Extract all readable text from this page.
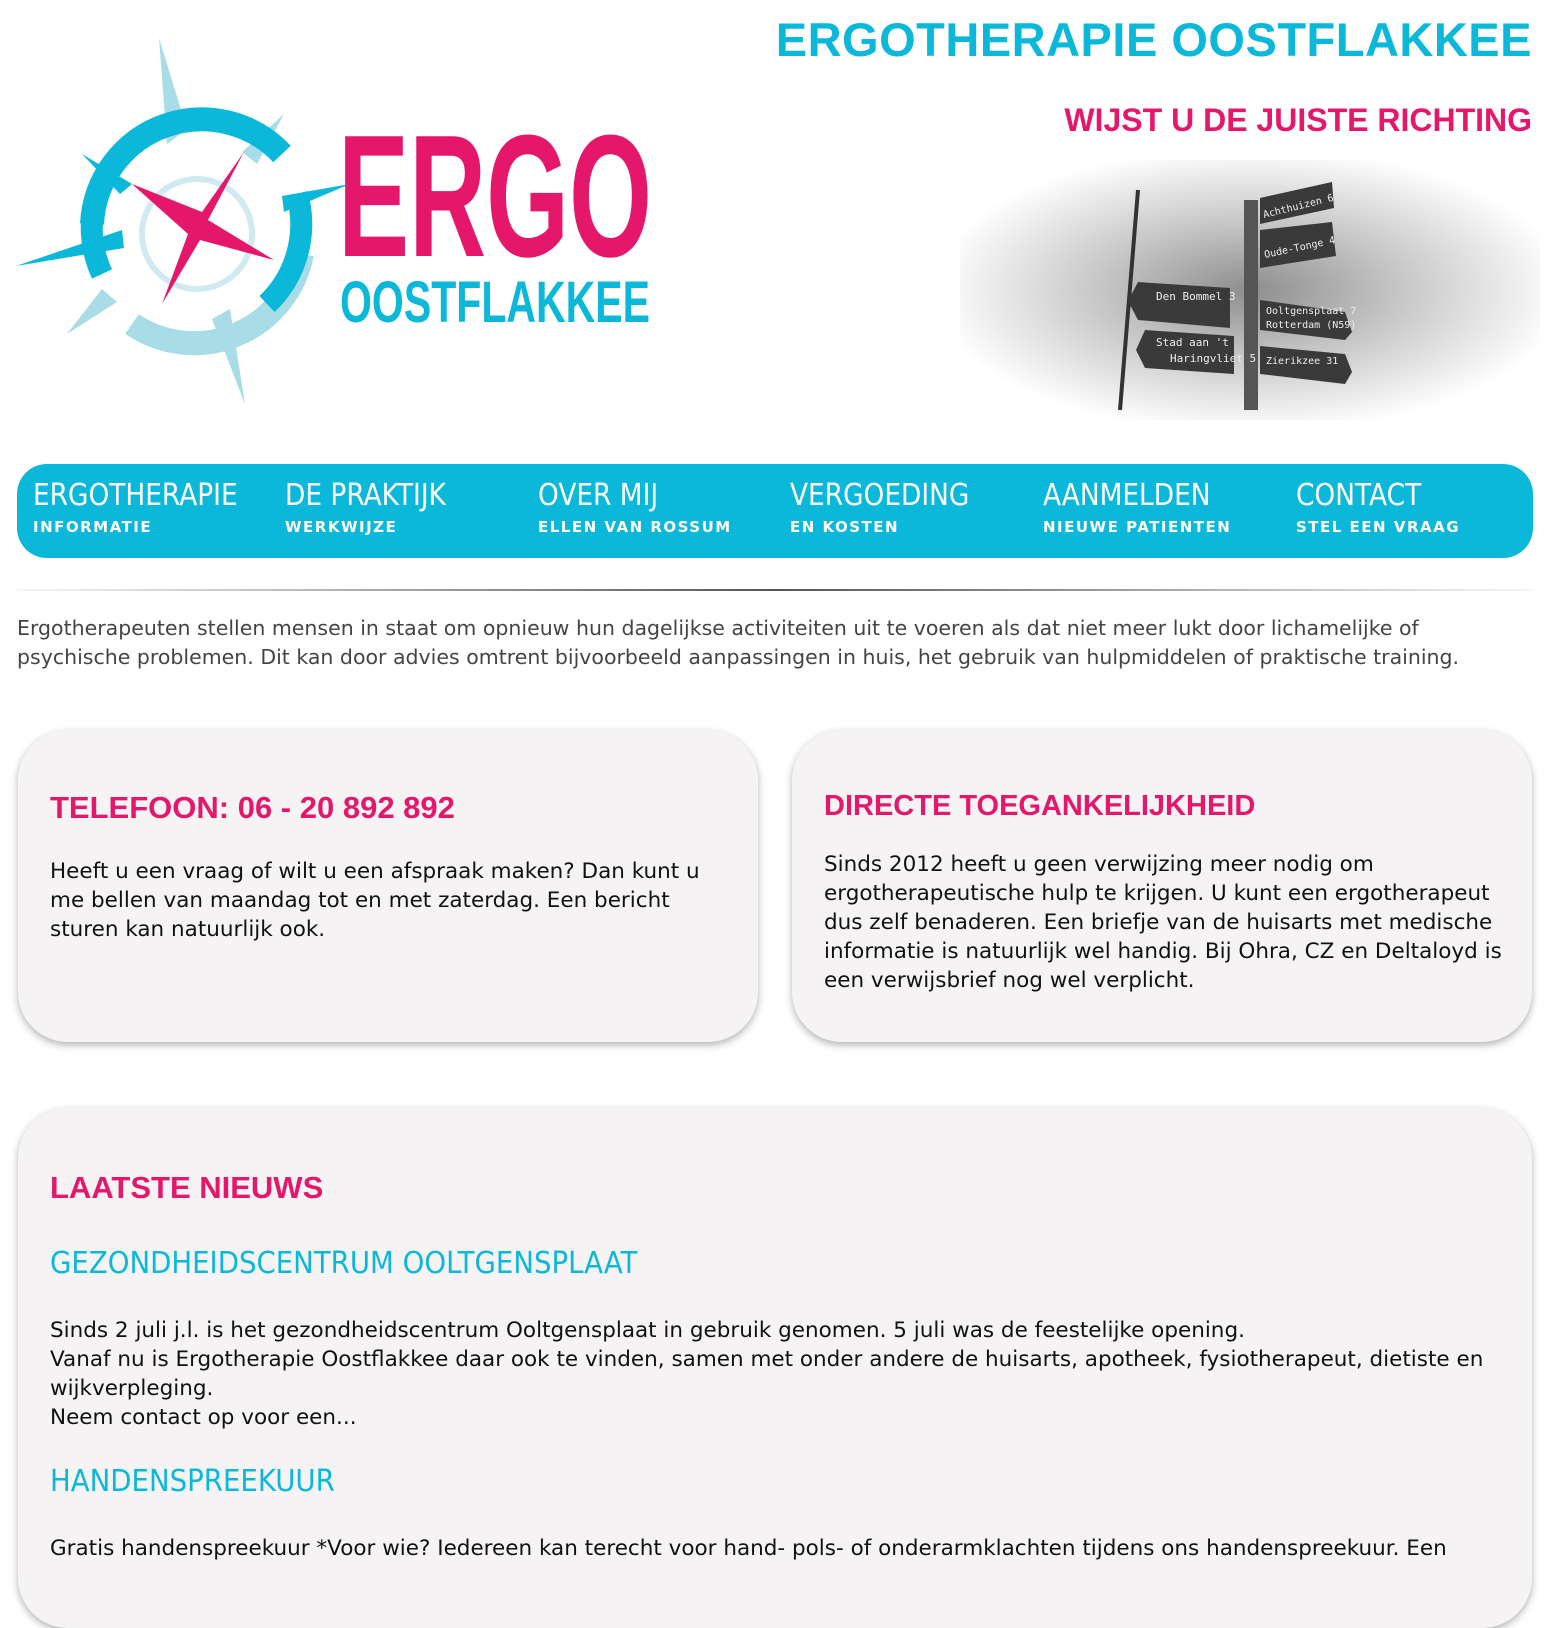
ERGO
OOSTFLAKKEE
ERGOTHERAPIE OOSTFLAKKEE
WIJST U DE JUISTE RICHTING
Den Bommel 3
Ooltgensplaat 7
Rotterdam (N59)
Stad aan 't
Haringvliet 5 Zierikzee 31
Oude-Tonge 4
Achthuizen 6
ERGOTHERAPIE
INFORMATIE
DE PRAKTIJK
WERKWIJZE
OVER MIJ
ELLEN VAN ROSSUM
VERGOEDING
EN KOSTEN
AANMELDEN
NIEUWE PATIENTEN
CONTACT
STEL EEN VRAAG

Ergotherapeuten stellen mensen in staat om opnieuw hun dagelijkse activiteiten uit te voeren als dat niet meer lukt door lichamelijke of psychische problemen. Dit kan door advies omtrent bijvoorbeeld aanpassingen in huis, het gebruik van hulpmiddelen of praktische training.

TELEFOON: 06 - 20 892 892

Heeft u een vraag of wilt u een afspraak maken? Dan kunt u me bellen van maandag tot en met zaterdag. Een bericht sturen kan natuurlijk ook.

DIRECTE TOEGANKELIJKHEID

Sinds 2012 heeft u geen verwijzing meer nodig om ergotherapeutische hulp te krijgen. U kunt een ergotherapeut dus zelf benaderen. Een briefje van de huisarts met medische informatie is natuurlijk wel handig. Bij Ohra, CZ en Deltaloyd is een verwijsbrief nog wel verplicht.

LAATSTE NIEUWS
GEZONDHEIDSCENTRUM OOLTGENSPLAAT

Sinds 2 juli j.l. is het gezondheidscentrum Ooltgensplaat in gebruik genomen. 5 juli was de feestelijke opening.
Vanaf nu is Ergotherapie Oostflakkee daar ook te vinden, samen met onder andere de huisarts, apotheek, fysiotherapeut, dietiste en wijkverpleging.
Neem contact op voor een...

HANDENSPREEKUUR

Gratis handenspreekuur *Voor wie? Iedereen kan terecht voor hand- pols- of onderarmklachten tijdens ons handenspreekuur. Een
